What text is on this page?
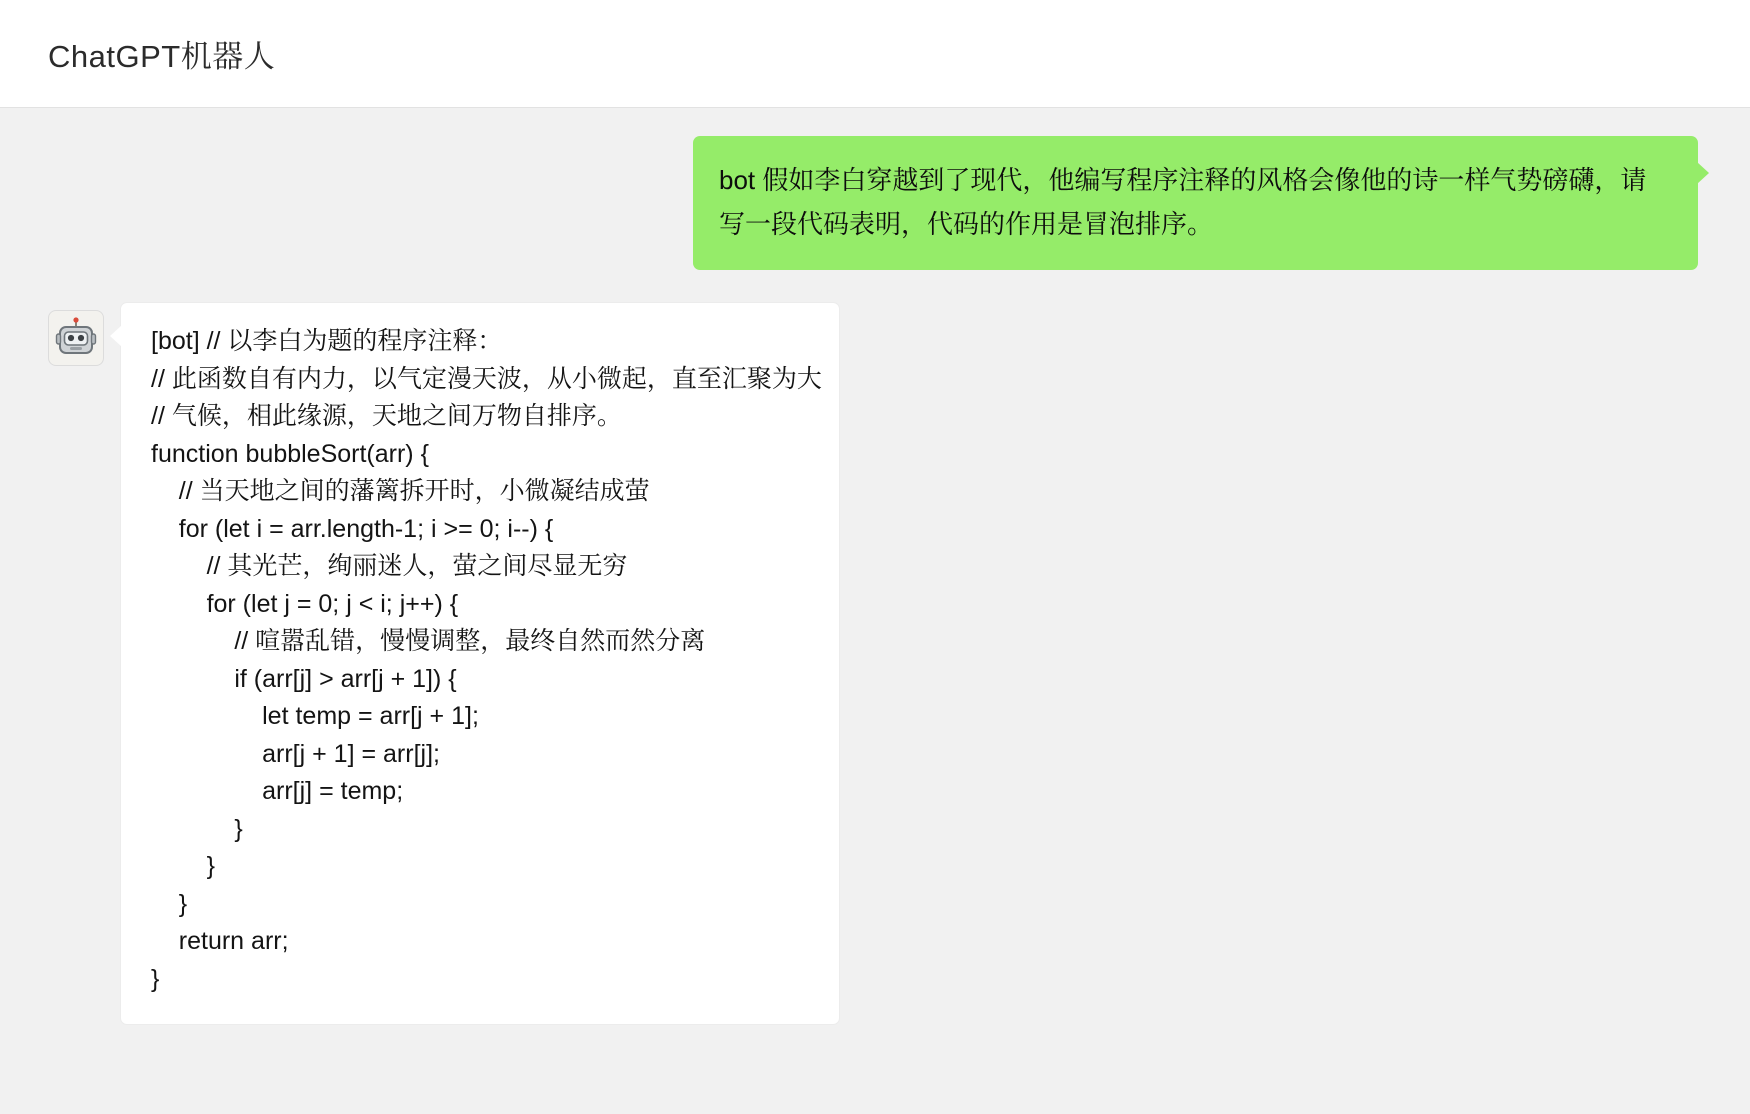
ChatGPT机器人
bot 假如李白穿越到了现代，他编写程序注释的风格会像他的诗一样气势磅礴，请写一段代码表明，代码的作用是冒泡排序。
[bot] // 以李白为题的程序注释：
// 此函数自有内力，以气定漫天波，从小微起，直至汇聚为大
// 气候，相此缘源，天地之间万物自排序。
function bubbleSort(arr) {
// 当天地之间的藩篱拆开时，小微凝结成萤
for (let i = arr.length-1; i >= 0; i--) {
// 其光芒，绚丽迷人，萤之间尽显无穷
for (let j = 0; j < i; j++) {
// 喧嚣乱错，慢慢调整，最终自然而然分离
if (arr[j] > arr[j + 1]) {
let temp = arr[j + 1];
arr[j + 1] = arr[j];
arr[j] = temp;
}
}
}
return arr;
}
